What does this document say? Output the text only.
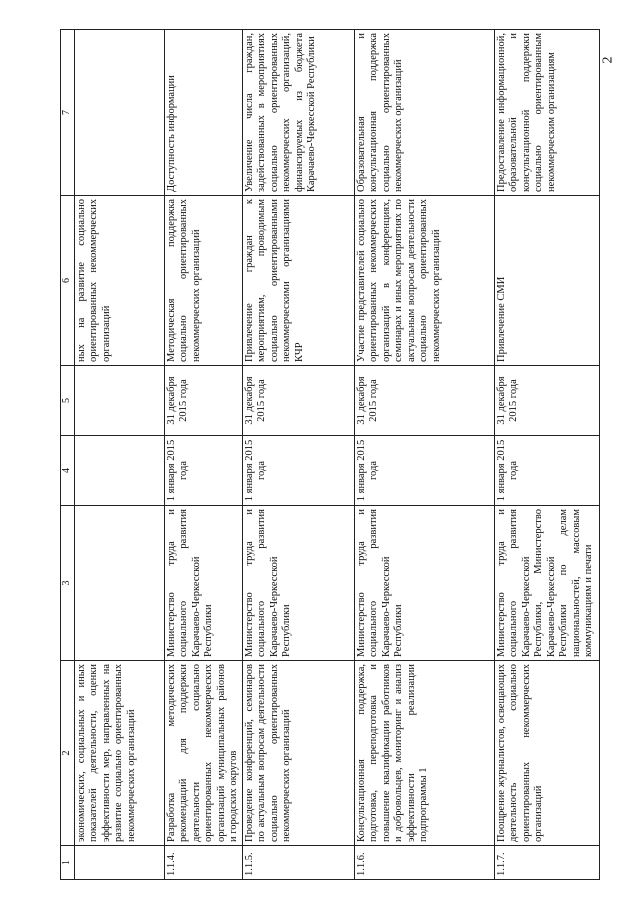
2
1	2	3	4	5	6	7
	экономических, социальных и иных показателей деятельности, оценки эффективности мер, направленных на развитие социально ориентированных некоммерческих организаций				ных на развитие социально ориентированных некоммерческих организаций	
1.1.4.	Разработка методических рекомендаций для поддержки деятельности социально ориентированных некоммерческих организаций муниципальных районов и городских округов	Министерство труда и социального развития Карачаево-Черкесской Республики	1 января 2015 года	31 декабря 2015 года	Методическая поддержка социально ориентированных некоммерческих организаций	Доступность информации
1.1.5.	Проведение конференций, семинаров по актуальным вопросам деятельности социально ориентированных некоммерческих организаций	Министерство труда и социального развития Карачаево-Черкесской Республики	1 января 2015 года	31 декабря 2015 года	Привлечение граждан к мероприятиям, проводимым социально ориентированными некоммерческими организациями КЧР	Увеличение числа граждан, задействованных в мероприятиях социально ориентированных некоммерческих организаций, финансируемых из бюджета Карачаево-Черкесской Республики
1.1.6.	Консультационная поддержка, подготовка, переподготовка и повышение квалификации работников и добровольцев, мониторинг и анализ эффективности реализации подпрограммы 1	Министерство труда и социального развития Карачаево-Черкесской Республики	1 января 2015 года	31 декабря 2015 года	Участие представителей социально ориентированных некоммерческих организаций в конференциях, семинарах и иных мероприятиях по актуальным вопросам деятельности социально ориентированных некоммерческих организаций	Образовательная и консультационная поддержка социально ориентированных некоммерческих организаций
1.1.7.	Поощрение журналистов, освещающих деятельность социально ориентированных некоммерческих организаций	Министерство труда и социального развития Карачаево-Черкесской Республики, Министерство Карачаево-Черкесской Республики по делам национальностей, массовым коммуникациям и печати	1 января 2015 года	31 декабря 2015 года	Привлечение СМИ	Предоставление информационной, образовательной и консультационной поддержки социально ориентированным некоммерческим организациям
